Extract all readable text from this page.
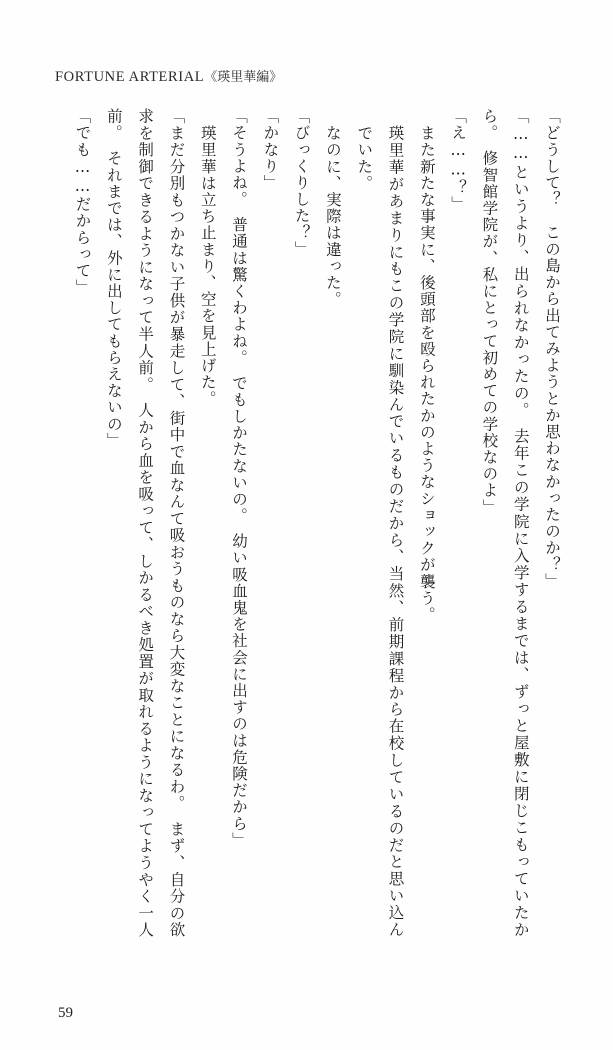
FORTUNE ARTERIAL《瑛里華編》

「どうして？　この島から出てみようとか思わなかったのか？」

「……というより、出られなかったの。　去年この学院に入学するまでは、ずっと屋敷に閉じこもっていたから。　修智館学院が、私にとって初めての学校なのよ」

「え……？」

また新たな事実に、後頭部を殴られたかのようなショックが襲う。

瑛里華があまりにもこの学院に馴染んでいるものだから、当然、前期課程から在校しているのだと思い込んでいた。

なのに、実際は違った。

「びっくりした？」

「かなり」

「そうよね。　普通は驚くわよね。　でもしかたないの。　幼い吸血鬼を社会に出すのは危険だから」

瑛里華は立ち止まり、空を見上げた。

「まだ分別もつかない子供が暴走して、街中で血なんて吸おうものなら大変なことになるわ。　まず、自分の欲求を制御できるようになって半人前。　人から血を吸って、しかるべき処置が取れるようになってようやく一人前。　それまでは、外に出してもらえないの」

「でも……だからって」

59
